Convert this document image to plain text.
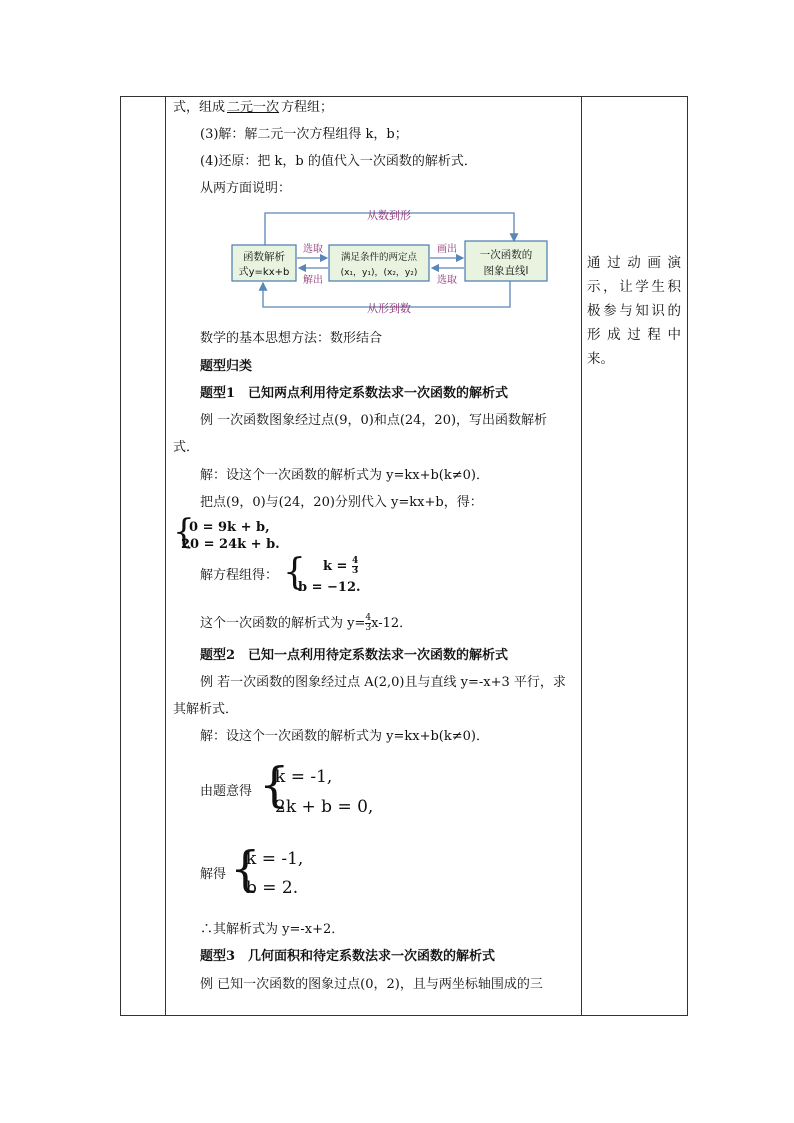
式，组成 二元一次 方程组；
(3)解：解二元一次方程组得 k，b；
(4)还原：把 k，b 的值代入一次函数的解析式．
从两方面说明：
从数到形
从形到数
函数解析
式y=kx+b
满足条件的两定点
(x₁，y₁)，(x₂，y₂)
一次函数的
图象直线l
选取
解出
画出
选取
数学的基本思想方法：数形结合
题型归类
题型1　已知两点利用待定系数法求一次函数的解析式
例 一次函数图象经过点(9，0)和点(24，20)，写出函数解析
式．
解：设这个一次函数的解析式为 y=kx+b(k≠0)．
把点(9，0)与(24，20)分别代入 y=kx+b，得：
{
0 = 9k + b,
20 = 24k + b.
解方程组得： { $k = \frac{4}{3}$
b = −12.
这个一次函数的解析式为 $y= \frac{4}{3} x-12$．
题型2　已知一点利用待定系数法求一次函数的解析式
例 若一次函数的图象经过点 A(2,0)且与直线 y=-x+3 平行，求
其解析式．
解：设这个一次函数的解析式为 y=kx+b(k≠0)．
由题意得 {
k = -1,
2k + b = 0,
解得 {
k = -1,
b = 2.
∴其解析式为 y=-x+2．
题型3　几何面积和待定系数法求一次函数的解析式
例 已知一次函数的图象过点(0，2)，且与两坐标轴围成的三
通过动画演
示，让学生积
极参与知识的
形成过程中
来。
